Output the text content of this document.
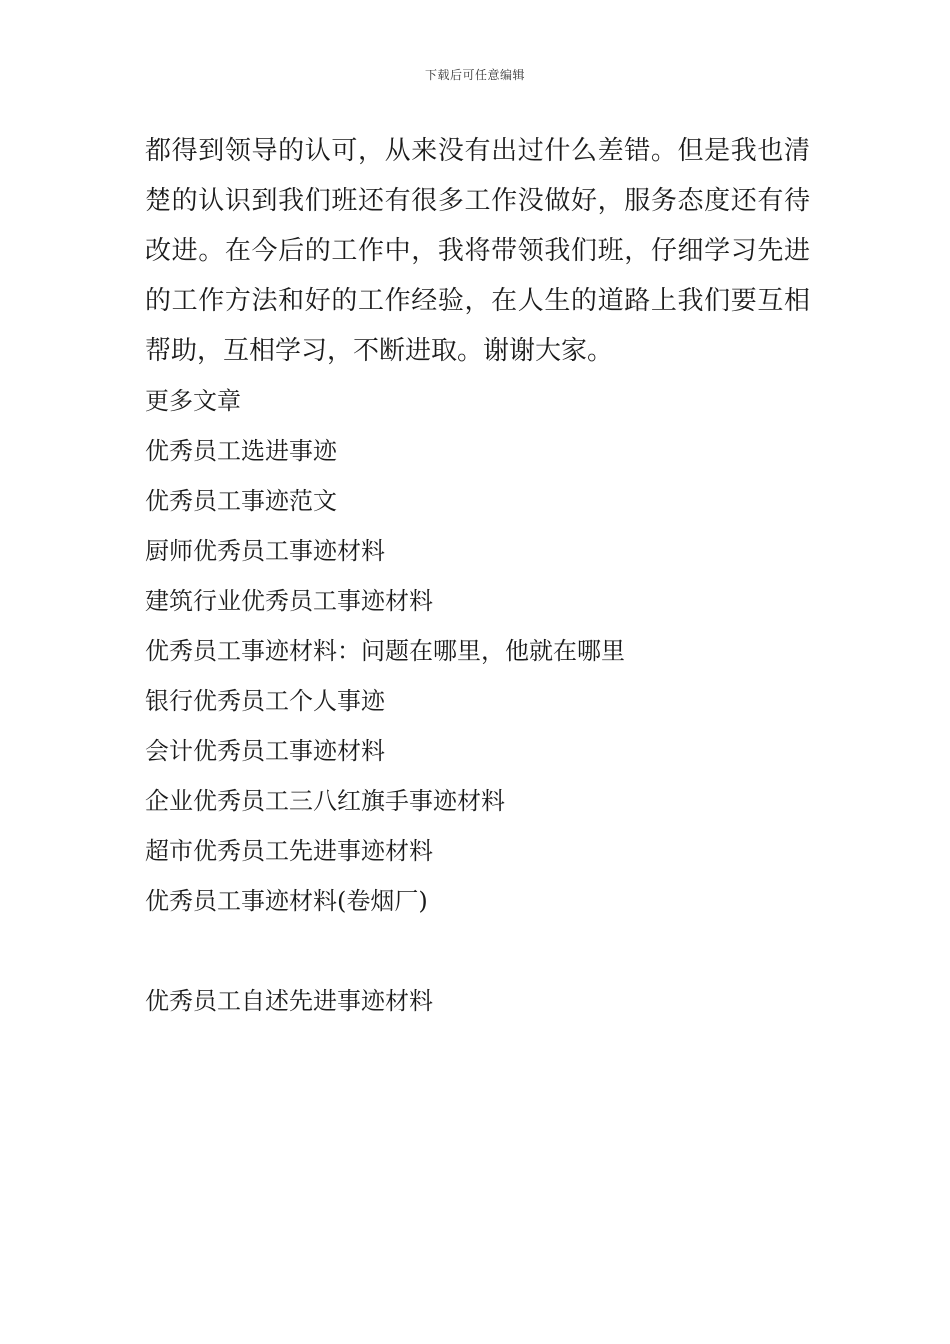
下载后可任意编辑

都得到领导的认可，从来没有出过什么差错。但是我也清楚的认识到我们班还有很多工作没做好，服务态度还有待改进。在今后的工作中，我将带领我们班，仔细学习先进的工作方法和好的工作经验，在人生的道路上我们要互相帮助，互相学习，不断进取。谢谢大家。

更多文章

优秀员工选进事迹
优秀员工事迹范文
厨师优秀员工事迹材料
建筑行业优秀员工事迹材料
优秀员工事迹材料：问题在哪里，他就在哪里
银行优秀员工个人事迹
会计优秀员工事迹材料
企业优秀员工三八红旗手事迹材料
超市优秀员工先进事迹材料
优秀员工事迹材料(卷烟厂)
优秀员工自述先进事迹材料
